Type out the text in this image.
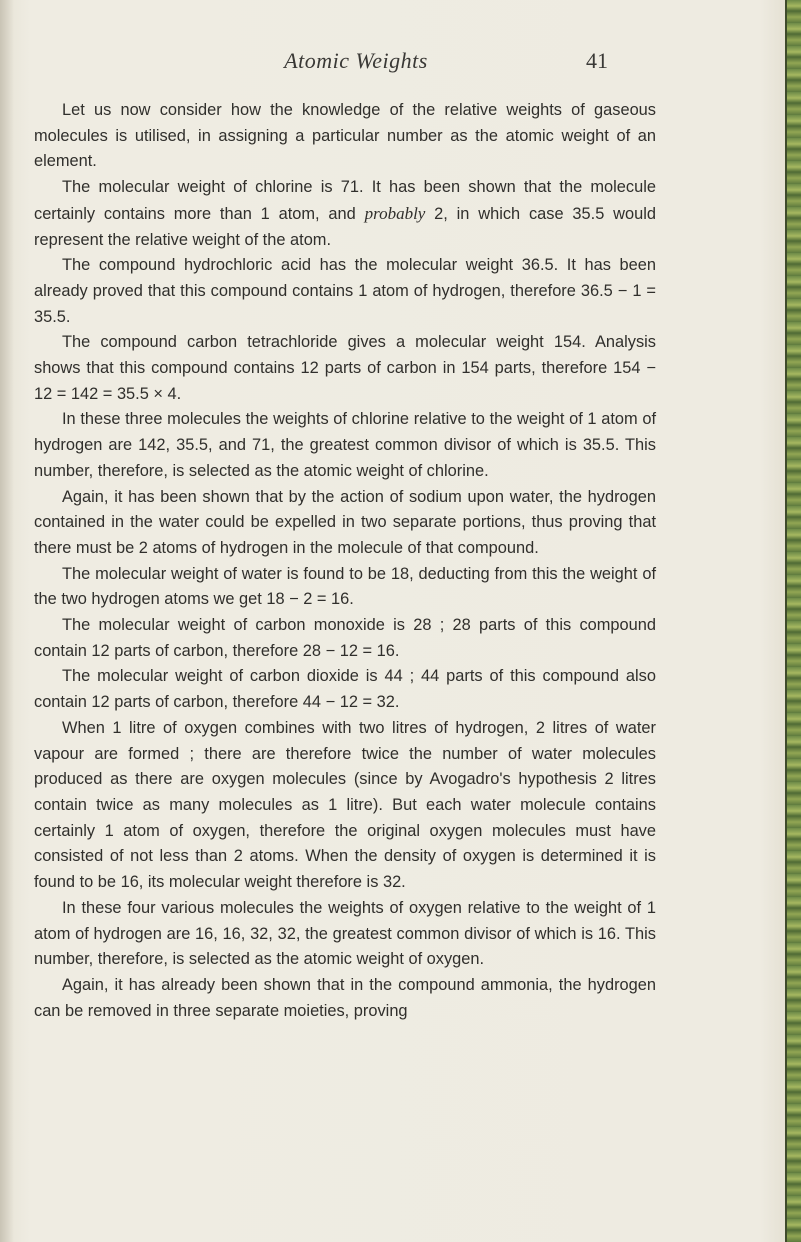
Atomic Weights	41

Let us now consider how the knowledge of the relative weights of gaseous molecules is utilised, in assigning a particular number as the atomic weight of an element.

The molecular weight of chlorine is 71. It has been shown that the molecule certainly contains more than 1 atom, and probably 2, in which case 35.5 would represent the relative weight of the atom.

The compound hydrochloric acid has the molecular weight 36.5. It has been already proved that this compound contains 1 atom of hydrogen, therefore 36.5 − 1 = 35.5.

The compound carbon tetrachloride gives a molecular weight 154. Analysis shows that this compound contains 12 parts of carbon in 154 parts, therefore 154 − 12 = 142 = 35.5 × 4.

In these three molecules the weights of chlorine relative to the weight of 1 atom of hydrogen are 142, 35.5, and 71, the greatest common divisor of which is 35.5. This number, therefore, is selected as the atomic weight of chlorine.

Again, it has been shown that by the action of sodium upon water, the hydrogen contained in the water could be expelled in two separate portions, thus proving that there must be 2 atoms of hydrogen in the molecule of that compound.

The molecular weight of water is found to be 18, deducting from this the weight of the two hydrogen atoms we get 18 − 2 = 16.

The molecular weight of carbon monoxide is 28 ; 28 parts of this compound contain 12 parts of carbon, therefore 28 − 12 = 16.

The molecular weight of carbon dioxide is 44 ; 44 parts of this compound also contain 12 parts of carbon, therefore 44 − 12 = 32.

When 1 litre of oxygen combines with two litres of hydrogen, 2 litres of water vapour are formed ; there are therefore twice the number of water molecules produced as there are oxygen molecules (since by Avogadro's hypothesis 2 litres contain twice as many molecules as 1 litre). But each water molecule contains certainly 1 atom of oxygen, therefore the original oxygen molecules must have consisted of not less than 2 atoms. When the density of oxygen is determined it is found to be 16, its molecular weight therefore is 32.

In these four various molecules the weights of oxygen relative to the weight of 1 atom of hydrogen are 16, 16, 32, 32, the greatest common divisor of which is 16. This number, therefore, is selected as the atomic weight of oxygen.

Again, it has already been shown that in the compound ammonia, the hydrogen can be removed in three separate moieties, proving
